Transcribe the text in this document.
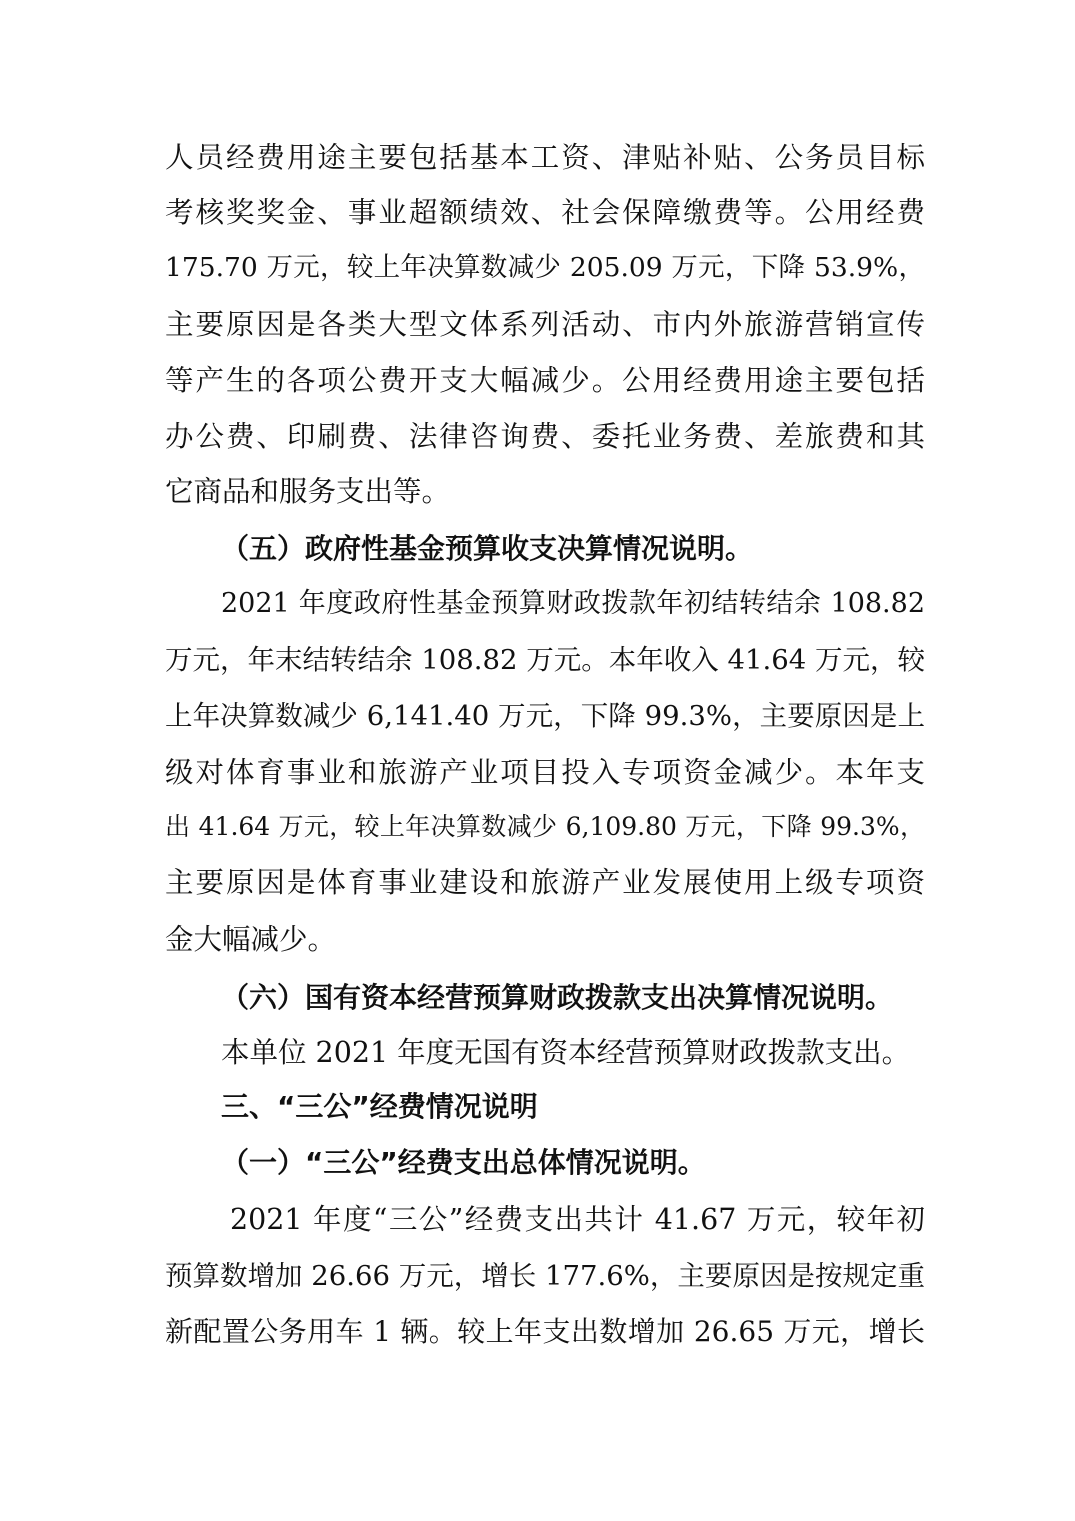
人员经费用途主要包括基本工资、津贴补贴、公务员目标
考核奖奖金、事业超额绩效、社会保障缴费等。公用经费
175.70 万元，较上年决算数减少 205.09 万元，下降 53.9%，
主要原因是各类大型文体系列活动、市内外旅游营销宣传
等产生的各项公费开支大幅减少。公用经费用途主要包括
办公费、印刷费、法律咨询费、委托业务费、差旅费和其
它商品和服务支出等。
（五）政府性基金预算收支决算情况说明。
2021 年度政府性基金预算财政拨款年初结转结余 108.82
万元，年末结转结余 108.82 万元。本年收入 41.64 万元，较
上年决算数减少 6,141.40 万元，下降 99.3%，主要原因是上
级对体育事业和旅游产业项目投入专项资金减少。本年支
出 41.64 万元，较上年决算数减少 6,109.80 万元，下降 99.3%，
主要原因是体育事业建设和旅游产业发展使用上级专项资
金大幅减少。
（六）国有资本经营预算财政拨款支出决算情况说明。
本单位 2021 年度无国有资本经营预算财政拨款支出。
三、“三公”经费情况说明
（一）“三公”经费支出总体情况说明。
2021 年度“三公”经费支出共计 41.67 万元，较年初
预算数增加 26.66 万元，增长 177.6%，主要原因是按规定重
新配置公务用车 1 辆。较上年支出数增加 26.65 万元，增长
